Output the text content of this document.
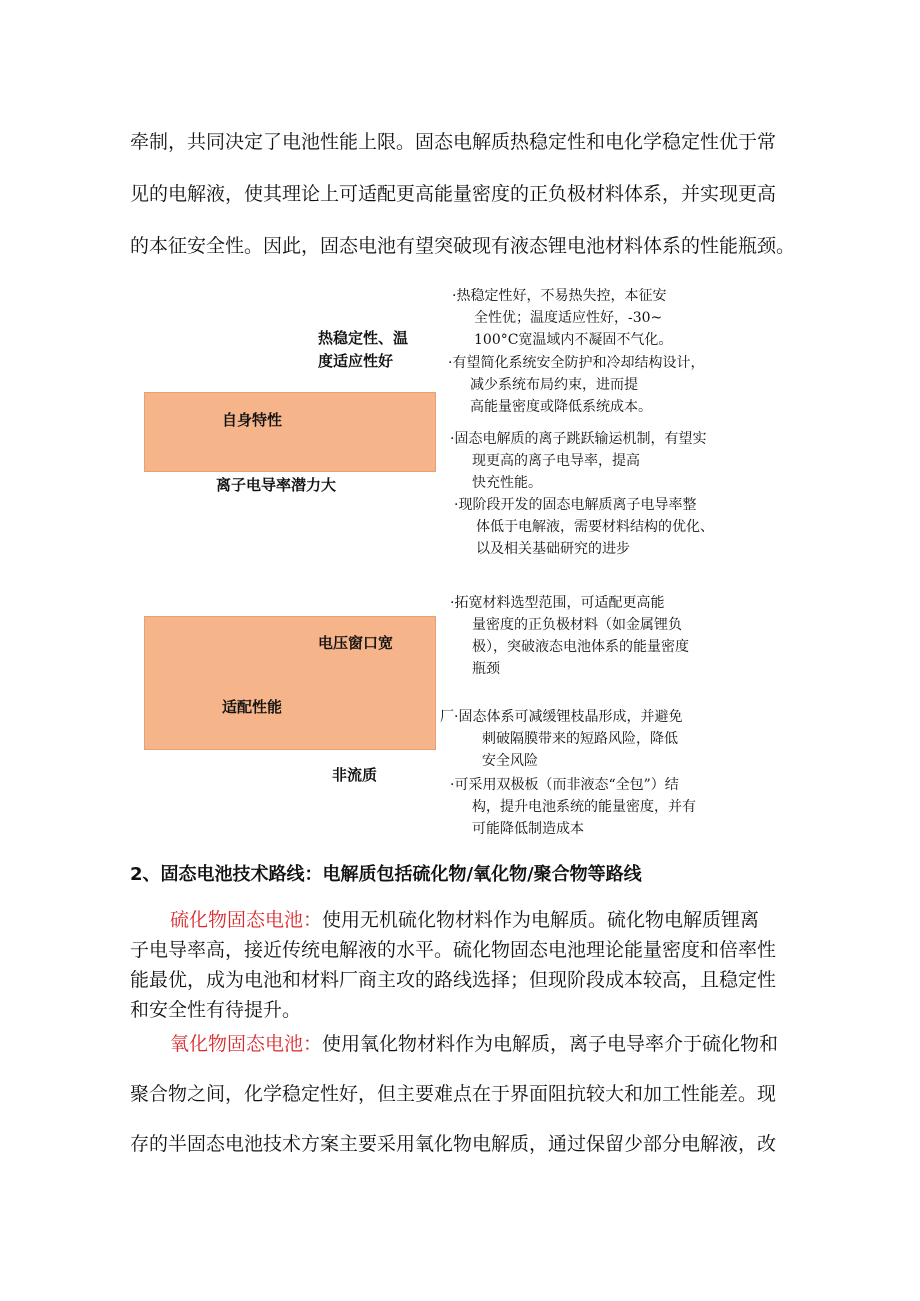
牵制，共同决定了电池性能上限。固态电解质热稳定性和电化学稳定性优于常
见的电解液，使其理论上可适配更高能量密度的正负极材料体系，并实现更高
的本征安全性。因此，固态电池有望突破现有液态锂电池材料体系的性能瓶颈。
热稳定性、温
度适应性好
自身特性
离子电导率潜力大
电压窗口宽
适配性能
非流质
·热稳定性好，不易热失控，本征安
全性优；温度适应性好，-30~
100°C宽温域内不凝固不气化。
·有望简化系统安全防护和冷却结构设计，
减少系统布局约束，进而提
高能量密度或降低系统成本。
·固态电解质的离子跳跃输运机制，有望实
现更高的离子电导率，提高
快充性能。
·现阶段开发的固态电解质离子电导率整
体低于电解液，需要材料结构的优化、
以及相关基础研究的进步
·拓宽材料选型范围，可适配更高能
量密度的正负极材料（如金属锂负
极），突破液态电池体系的能量密度
瓶颈
厂·固态体系可减缓锂枝晶形成，并避免
刺破隔膜带来的短路风险，降低
安全风险
·可采用双极板（而非液态“全包”）结
构，提升电池系统的能量密度，并有
可能降低制造成本
2、固态电池技术路线：电解质包括硫化物/氧化物/聚合物等路线
硫化物固态电池：使用无机硫化物材料作为电解质。硫化物电解质锂离
子电导率高，接近传统电解液的水平。硫化物固态电池理论能量密度和倍率性
能最优，成为电池和材料厂商主攻的路线选择；但现阶段成本较高，且稳定性
和安全性有待提升。
氧化物固态电池：使用氧化物材料作为电解质，离子电导率介于硫化物和
聚合物之间，化学稳定性好，但主要难点在于界面阻抗较大和加工性能差。现
存的半固态电池技术方案主要采用氧化物电解质，通过保留少部分电解液，改
